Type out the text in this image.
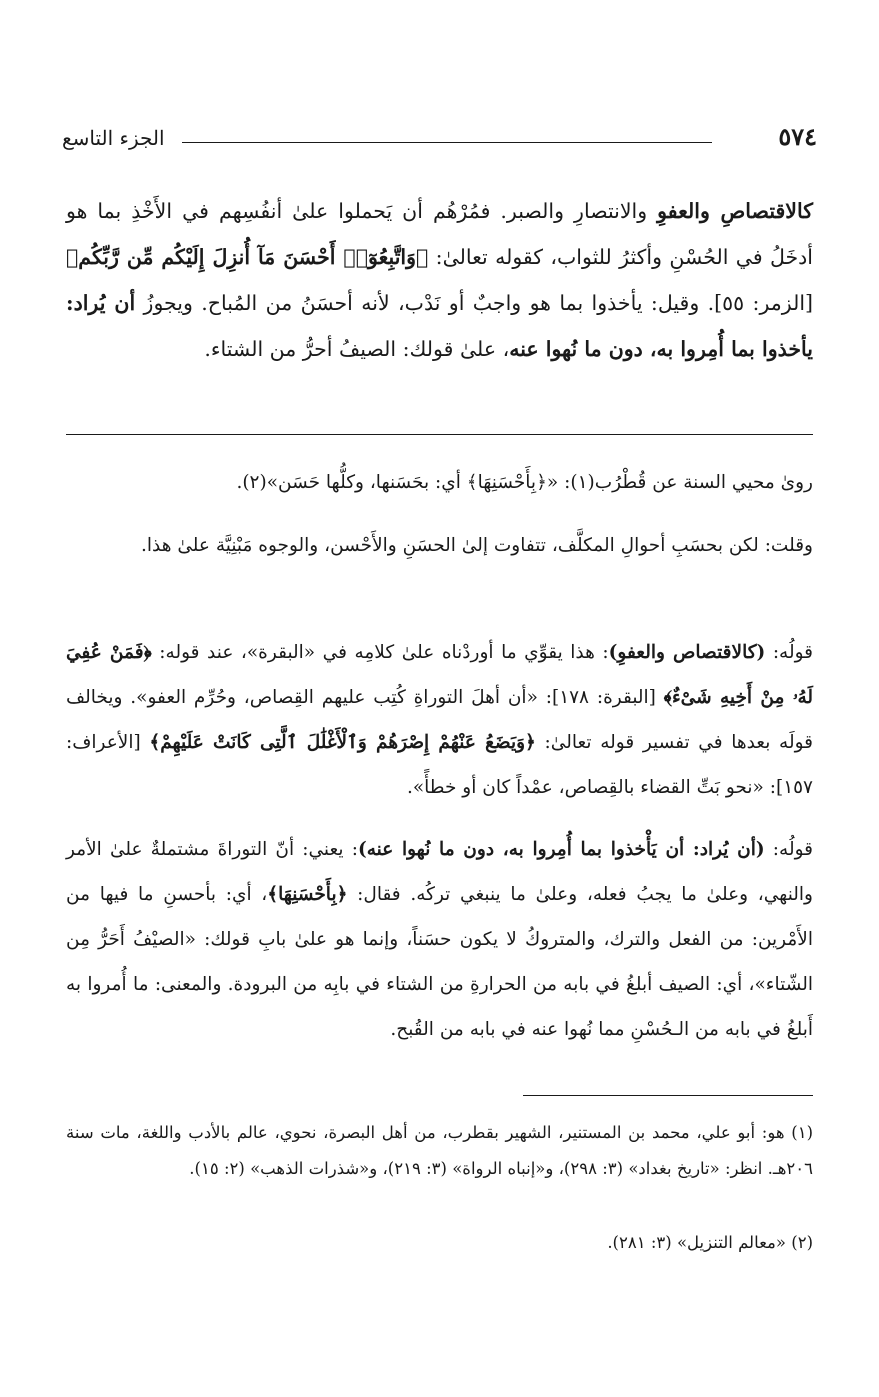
الجزء التاسع	٥٧٤
كالاقتصاصِ والعفوِ والانتصارِ والصبر. فمُرْهُم أن يَحملوا علىٰ أنفُسِهم في الأَخْذِ بما هو أدخَلُ في الحُسْنِ وأكثرُ للثواب، كقوله تعالىٰ: ﴿وَاتَّبِعُوٓا۟ أَحْسَنَ مَآ أُنزِلَ إِلَيْكُم مِّن رَّبِّكُم﴾ [الزمر: ٥٥]. وقيل: يأخذوا بما هو واجبٌ أو نَدْب، لأنه أحسَنُ من المُباح. ويجوزُ أن يُراد: يأخذوا بما أُمِروا به، دون ما نُهوا عنه، علىٰ قولك: الصيفُ أحرُّ من الشتاء.
روىٰ محيي السنة عن قُطْرُب(١): «﴿بِأَحْسَنِهَا﴾ أي: بحَسَنها، وكلُّها حَسَن»(٢).
وقلت: لكن بحسَبِ أحوالِ المكلَّف، تتفاوت إلىٰ الحسَنِ والأَحْسن، والوجوه مَبْنِيَّة علىٰ هذا.
قولُه: (كالاقتصاص والعفوِ): هذا يقوِّي ما أوردْناه علىٰ كلامِه في «البقرة»، عند قوله: ﴿فَمَنْ عُفِيَ لَهُۥ مِنْ أَخِيهِ شَىْءٌ﴾ [البقرة: ١٧٨]: «أن أهلَ التوراةِ كُتِب عليهم القِصاص، وحُرِّم العفو». ويخالف قولَه بعدها في تفسير قوله تعالىٰ: ﴿وَيَضَعُ عَنْهُمْ إِصْرَهُمْ وَٱلْأَغْلَٰلَ ٱلَّتِى كَانَتْ عَلَيْهِمْ﴾ [الأعراف: ١٥٧]: «نحو بَتِّ القضاء بالقِصاص، عمْداً كان أو خطأً».
قولُه: (أن يُراد: أن يَأْخذوا بما أُمِروا به، دون ما نُهوا عنه): يعني: أنّ التوراةَ مشتملةٌ علىٰ الأمر والنهي، وعلىٰ ما يجبُ فعله، وعلىٰ ما ينبغي تركُه. فقال: ﴿بِأَحْسَنِهَا﴾، أي: بأحسنِ ما فيها من الأَمْرين: من الفعل والترك، والمتروكُ لا يكون حسَناً، وإنما هو علىٰ بابِ قولك: «الصيْفُ أَحَرُّ مِن الشّتاء»، أي: الصيف أبلغُ في بابه من الحرارةِ من الشتاء في بابِه من البرودة. والمعنى: ما أُمروا به أَبلغُ في بابه من الـحُسْنِ مما نُهوا عنه في بابه من القُبح.
(١) هو: أبو علي، محمد بن المستنير، الشهير بقطرب، من أهل البصرة، نحوي، عالم بالأدب واللغة، مات سنة ٢٠٦هـ. انظر: «تاريخ بغداد» (٣: ٢٩٨)، و«إنباه الرواة» (٣: ٢١٩)، و«شذرات الذهب» (٢: ١٥).
(٢) «معالم التنزيل» (٣: ٢٨١).
